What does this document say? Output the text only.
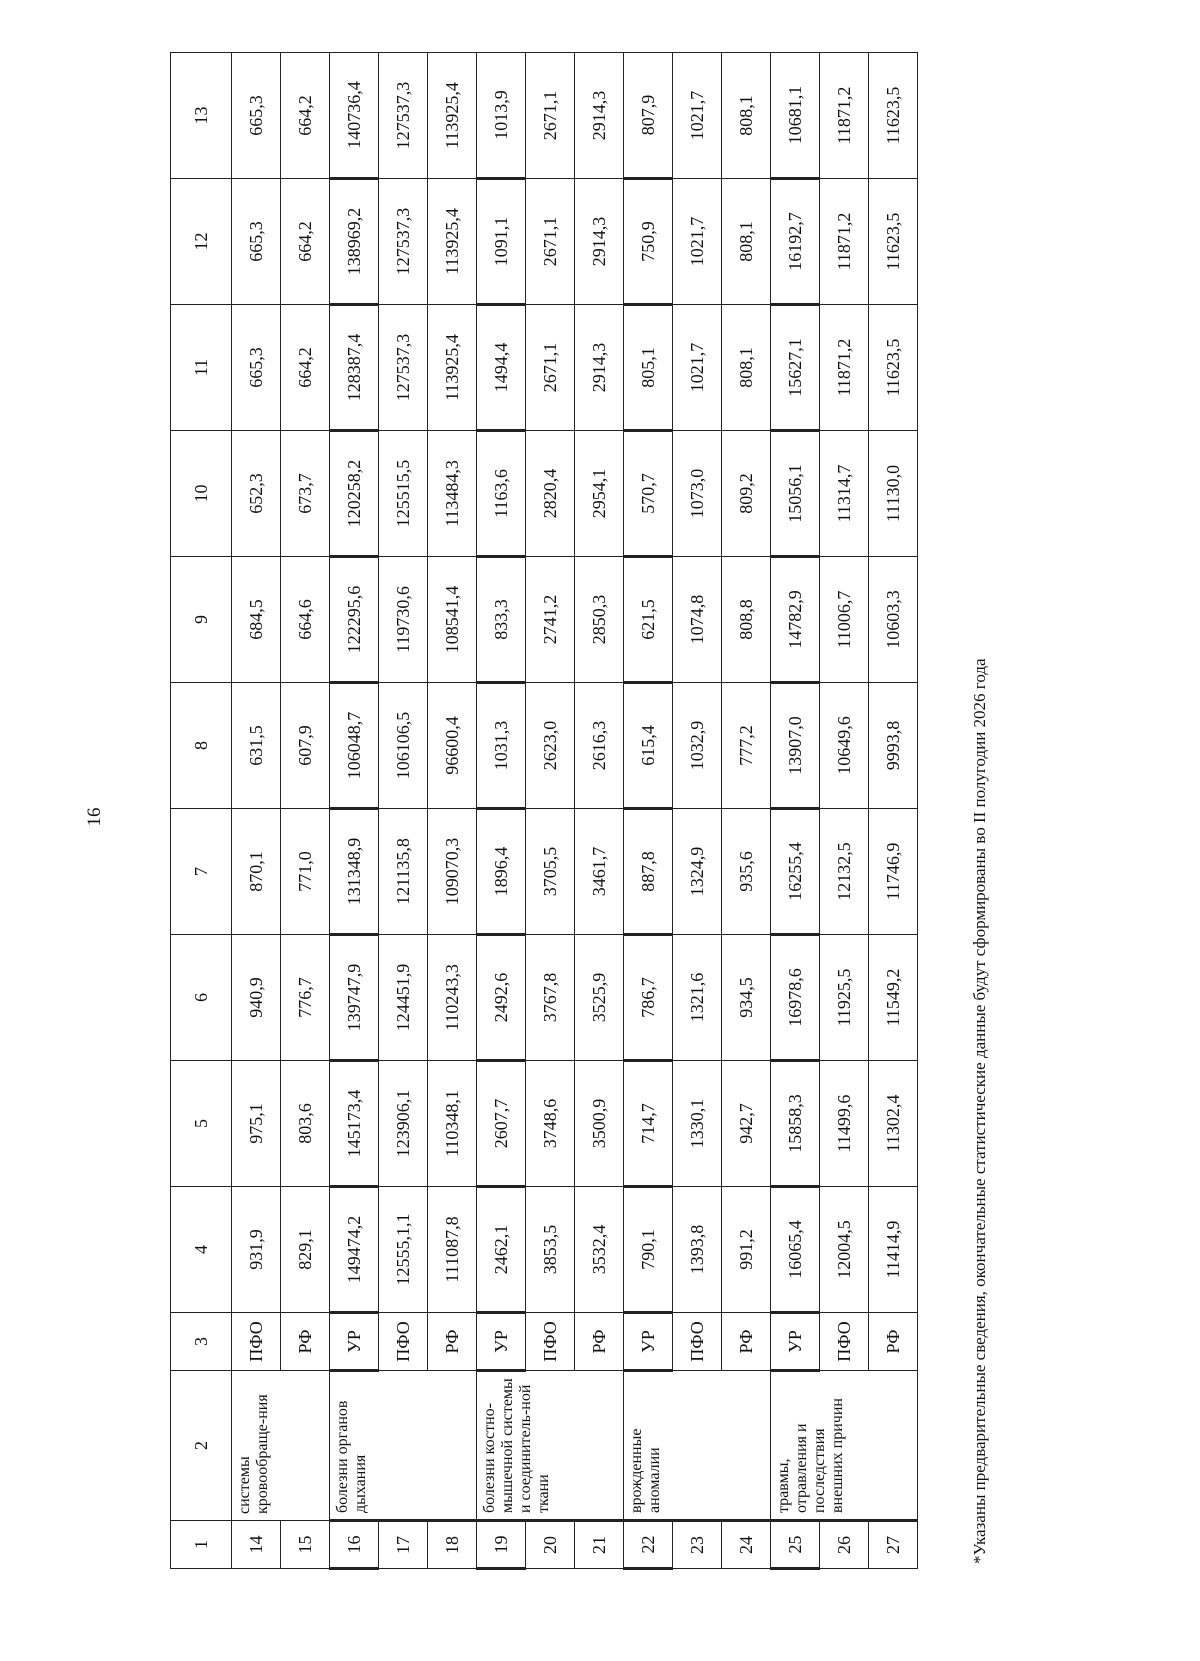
16
1	2	3	4	5	6	7	8	9	10	11	12	13
14	системы кровообраще-ния	ПФО	931,9	975,1	940,9	870,1	631,5	684,5	652,3	665,3	665,3	665,3
15		РФ	829,1	803,6	776,7	771,0	607,9	664,6	673,7	664,2	664,2	664,2
16	болезни органов дыхания	УР	149474,2	145173,4	139747,9	131348,9	106048,7	122295,6	120258,2	128387,4	138969,2	140736,4
17		ПФО	12555,1,1	123906,1	124451,9	121135,8	106106,5	119730,6	125515,5	127537,3	127537,3	127537,3
18		РФ	111087,8	110348,1	110243,3	109070,3	96600,4	108541,4	113484,3	113925,4	113925,4	113925,4
19	болезни костно-мышечной системы и соединитель-ной ткани	УР	2462,1	2607,7	2492,6	1896,4	1031,3	833,3	1163,6	1494,4	1091,1	1013,9
20		ПФО	3853,5	3748,6	3767,8	3705,5	2623,0	2741,2	2820,4	2671,1	2671,1	2671,1
21		РФ	3532,4	3500,9	3525,9	3461,7	2616,3	2850,3	2954,1	2914,3	2914,3	2914,3
22	врожденные аномалии	УР	790,1	714,7	786,7	887,8	615,4	621,5	570,7	805,1	750,9	807,9
23		ПФО	1393,8	1330,1	1321,6	1324,9	1032,9	1074,8	1073,0	1021,7	1021,7	1021,7
24		РФ	991,2	942,7	934,5	935,6	777,2	808,8	809,2	808,1	808,1	808,1
25	травмы, отравления и последствия внешних причин	УР	16065,4	15858,3	16978,6	16255,4	13907,0	14782,9	15056,1	15627,1	16192,7	10681,1
26		ПФО	12004,5	11499,6	11925,5	12132,5	10649,6	11006,7	11314,7	11871,2	11871,2	11871,2
27		РФ	11414,9	11302,4	11549,2	11746,9	9993,8	10603,3	11130,0	11623,5	11623,5	11623,5
*Указаны предварительные сведения, окончательные статистические данные будут сформированы во II полугодии 2026 года
